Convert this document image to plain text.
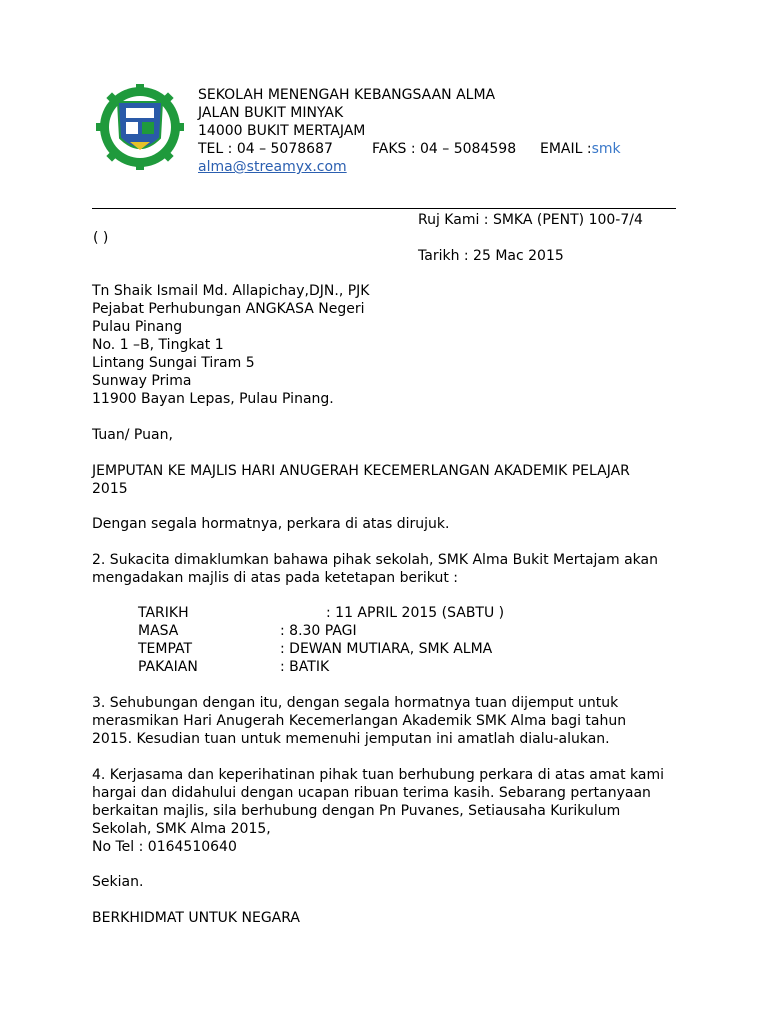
SEKOLAH MENENGAH KEBANGSAAN ALMA
JALAN BUKIT MINYAK
14000 BUKIT MERTAJAM
TEL : 04 – 5078687	FAKS : 04 – 5084598 EMAIL :smk
alma@streamyx.com
Ruj Kami : SMKA (PENT) 100-7/4
( )
Tarikh : 25 Mac 2015
Tn Shaik Ismail Md. Allapichay,DJN., PJK
Pejabat Perhubungan ANGKASA Negeri
Pulau Pinang
No. 1 –B, Tingkat 1
Lintang Sungai Tiram 5
Sunway Prima
11900 Bayan Lepas, Pulau Pinang.
Tuan/ Puan,
JEMPUTAN KE MAJLIS HARI ANUGERAH KECEMERLANGAN AKADEMIK PELAJAR
2015
Dengan segala hormatnya, perkara di atas dirujuk.
2. Sukacita dimaklumkan bahawa pihak sekolah, SMK Alma Bukit Mertajam akan
mengadakan majlis di atas pada ketetapan berikut :
TARIKH	: 11 APRIL 2015 (SABTU )
MASA	: 8.30 PAGI
TEMPAT	: DEWAN MUTIARA, SMK ALMA
PAKAIAN	: BATIK
3. Sehubungan dengan itu, dengan segala hormatnya tuan dijemput untuk
merasmikan Hari Anugerah Kecemerlangan Akademik SMK Alma bagi tahun
2015. Kesudian tuan untuk memenuhi jemputan ini amatlah dialu-alukan.
4. Kerjasama dan keperihatinan pihak tuan berhubung perkara di atas amat kami
hargai dan didahului dengan ucapan ribuan terima kasih. Sebarang pertanyaan
berkaitan majlis, sila berhubung dengan Pn Puvanes, Setiausaha Kurikulum
Sekolah, SMK Alma 2015,
No Tel : 0164510640
Sekian.
BERKHIDMAT UNTUK NEGARA
